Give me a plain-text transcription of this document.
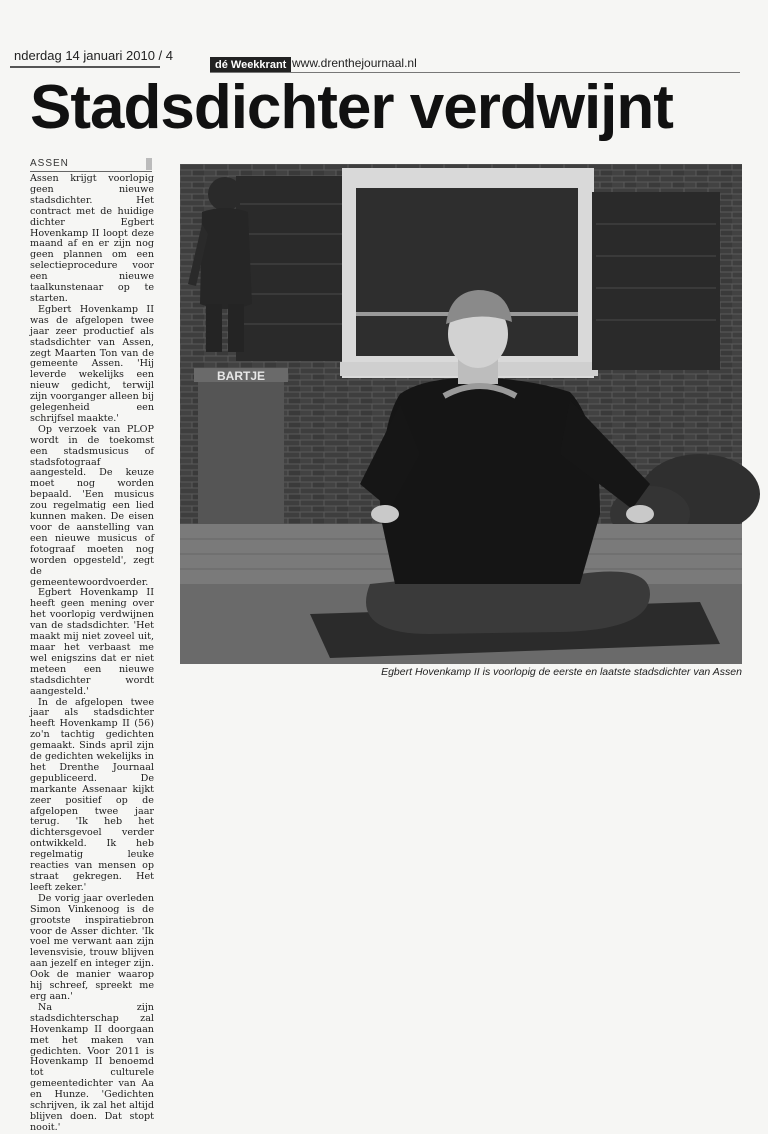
nderdag 14 januari 2010 / 4
dé Weekkrant www.drenthejournaal.nl
Stadsdichter verdwijnt
ASSEN

Assen krijgt voorlopig geen nieuwe stadsdichter. Het contract met de huidige dichter Egbert Hovenkamp II loopt deze maand af en er zijn nog geen plannen om een selectieprocedure voor een nieuwe taalkunstenaar op te starten.

Egbert Hovenkamp II was de afgelopen twee jaar zeer productief als stadsdichter van Assen, zegt Maarten Ton van de gemeente Assen. 'Hij leverde wekelijks een nieuw gedicht, terwijl zijn voorganger alleen bij gelegenheid een schrijfsel maakte.'

Op verzoek van PLOP wordt in de toekomst een stadsmusicus of stadsfotograaf aangesteld. De keuze moet nog worden bepaald. 'Een musicus zou regelmatig een lied kunnen maken. De eisen voor de aanstelling van een nieuwe musicus of fotograaf moeten nog worden opgesteld', zegt de gemeentewoordvoerder.

Egbert Hovenkamp II heeft geen mening over het voorlopig verdwijnen van de stadsdichter. 'Het maakt mij niet zoveel uit, maar het verbaast me wel enigszins dat er niet meteen een nieuwe stadsdichter wordt aangesteld.'

In de afgelopen twee jaar als stadsdichter heeft Hovenkamp II (56) zo'n tachtig gedichten gemaakt. Sinds april zijn de gedichten wekelijks in het Drenthe Journaal gepubliceerd. De markante Assenaar kijkt zeer positief op de afgelopen twee jaar terug. 'Ik heb het dichtersgevoel verder ontwikkeld. Ik heb regelmatig leuke reacties van mensen op straat gekregen. Het leeft zeker.'

De vorig jaar overleden Simon Vinkenoog is de grootste inspiratiebron voor de Asser dichter. 'Ik voel me verwant aan zijn levensvisie, trouw blijven aan jezelf en integer zijn. Ook de manier waarop hij schreef, spreekt me erg aan.'

Na zijn stadsdichterschap zal Hovenkamp II doorgaan met het maken van gedichten. Voor 2011 is Hovenkamp II benoemd tot culturele gemeentedichter van Aa en Hunze. 'Gedichten schrijven, ik zal het altijd blijven doen. Dat stopt nooit.'

BARTJE
Egbert Hovenkamp II is voorlopig de eerste en laatste stadsdichter van Assen
